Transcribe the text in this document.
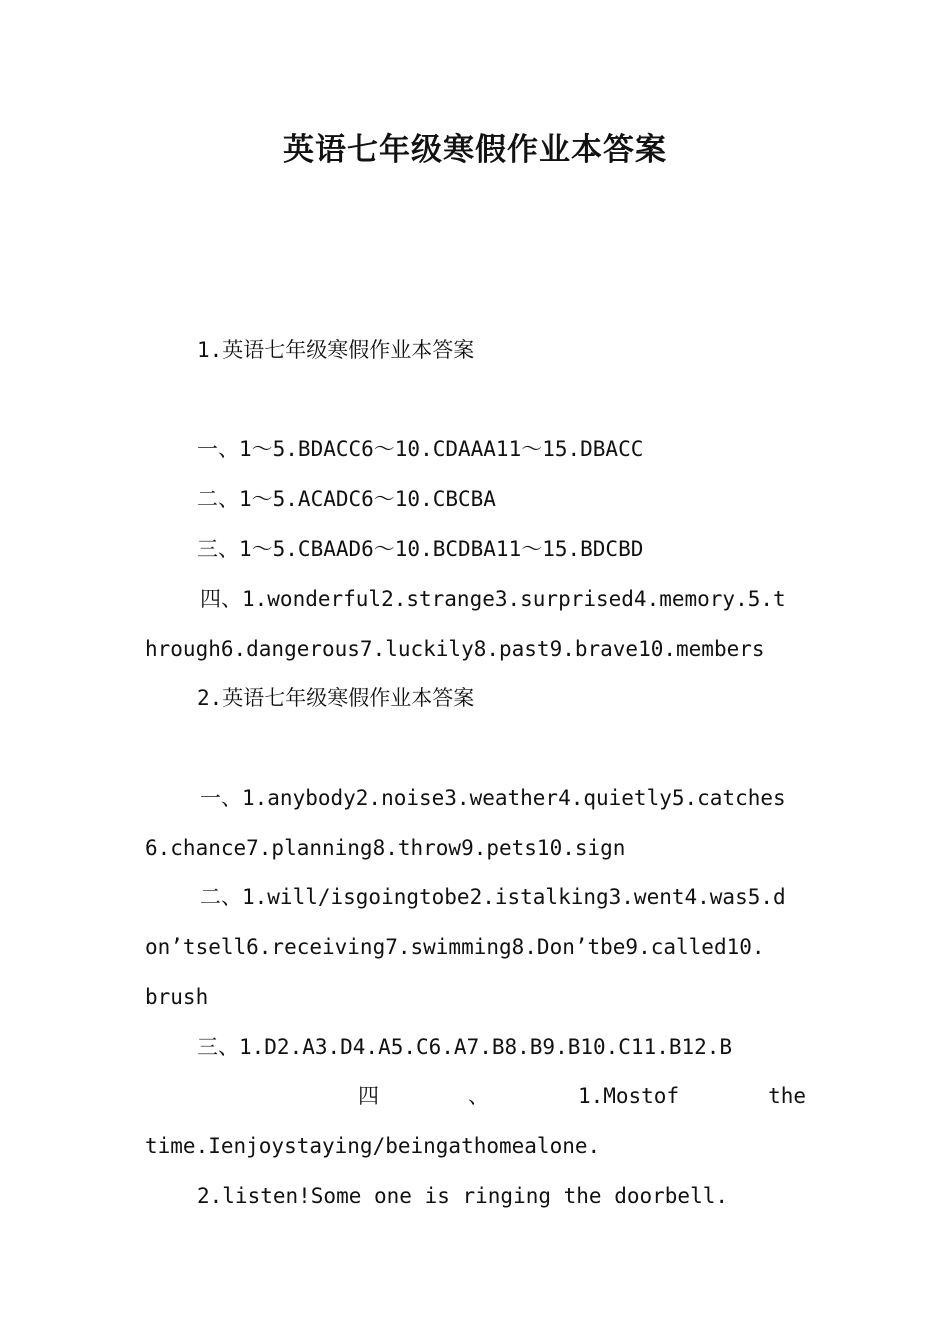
英语七年级寒假作业本答案

1.英语七年级寒假作业本答案

一、1～5.BDACC6～10.CDAAA11～15.DBACC

二、1～5.ACADC6～10.CBCBA

三、1～5.CBAAD6～10.BCDBA11～15.BDCBD

四、1.wonderful2.strange3.surprised4.memory.5.t

hrough6.dangerous7.luckily8.past9.brave10.members

2.英语七年级寒假作业本答案

一、1.anybody2.noise3.weather4.quietly5.catches

6.chance7.planning8.throw9.pets10.sign

二、1.will/isgoingtobe2.istalking3.went4.was5.d

on’tsell6.receiving7.swimming8.Don’tbe9.called10.

brush

三、1.D2.A3.D4.A5.C6.A7.B8.B9.B10.C11.B12.B

四	、	1.Mostof	the

time.Ienjoystaying/beingathomealone.

2.listen!Some one is ringing the doorbell.
